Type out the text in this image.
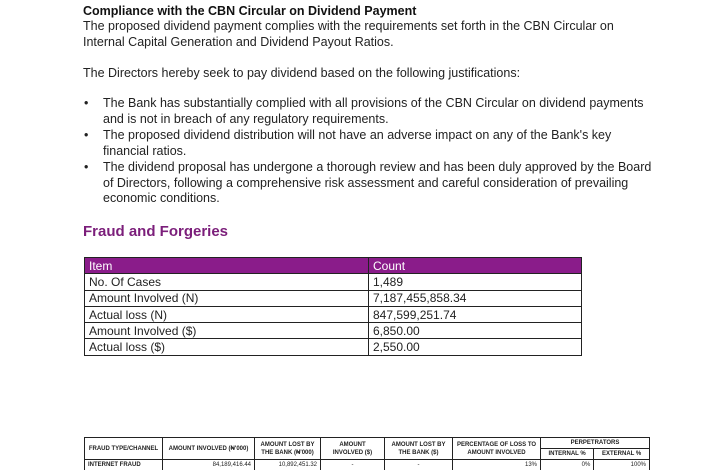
Compliance with the CBN Circular on Dividend Payment
The proposed dividend payment complies with the requirements set forth in the CBN Circular on Internal Capital Generation and Dividend Payout Ratios.
The Directors hereby seek to pay dividend based on the following justifications:
• The Bank has substantially complied with all provisions of the CBN Circular on dividend payments and is not in breach of any regulatory requirements.
• The proposed dividend distribution will not have an adverse impact on any of the Bank's key financial ratios.
• The dividend proposal has undergone a thorough review and has been duly approved by the Board of Directors, following a comprehensive risk assessment and careful consideration of prevailing economic conditions.
Fraud and Forgeries
Item	Count
No. Of Cases	1,489
Amount Involved (N)	7,187,455,858.34
Actual loss (N)	847,599,251.74
Amount Involved ($)	6,850.00
Actual loss ($)	2,550.00
FRAUD TYPE/CHANNEL	AMOUNT INVOLVED (₦'000)	AMOUNT LOST BY THE BANK (₦'000)	AMOUNT INVOLVED ($)	AMOUNT LOST BY THE BANK ($)	PERCENTAGE OF LOSS TO AMOUNT INVOLVED	PERPETRATORS	
						INTERNAL %	EXTERNAL %
INTERNET FRAUD	84,189,416.44	10,892,451.32	-	-	13%	0%	100%
